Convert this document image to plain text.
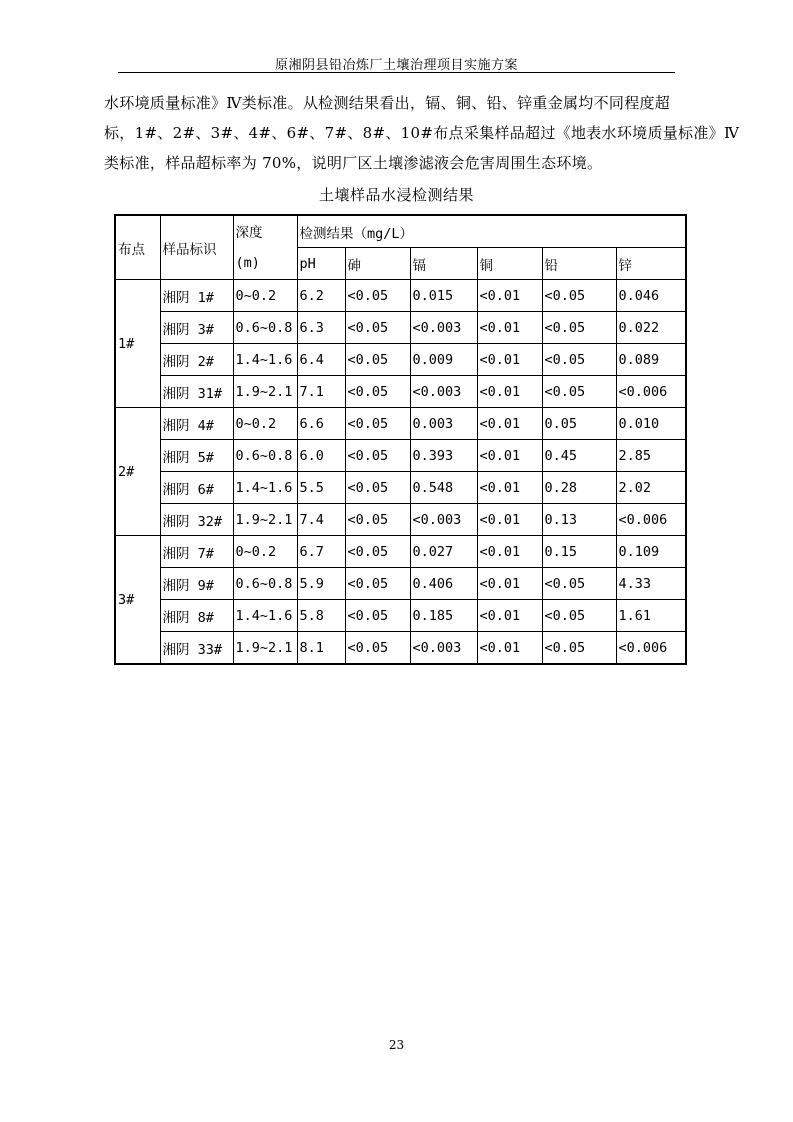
原湘阴县铅冶炼厂土壤治理项目实施方案

水环境质量标准》Ⅳ类标准。从检测结果看出，镉、铜、铅、锌重金属均不同程度超

标，1#、2#、3#、4#、6#、7#、8#、10#布点采集样品超过《地表水环境质量标准》Ⅳ

类标准，样品超标率为 70%，说明厂区土壤渗滤液会危害周围生态环境。

土壤样品水浸检测结果
布点	样品标识	深度
(m)	检测结果（mg/L）					
			pH	砷	镉	铜	铅	锌
1#	湘阴 1#	0~0.2	6.2	<0.05	0.015	<0.01	<0.05	0.046
	湘阴 3#	0.6~0.8	6.3	<0.05	<0.003	<0.01	<0.05	0.022
	湘阴 2#	1.4~1.6	6.4	<0.05	0.009	<0.01	<0.05	0.089
	湘阴 31#	1.9~2.1	7.1	<0.05	<0.003	<0.01	<0.05	<0.006
2#	湘阴 4#	0~0.2	6.6	<0.05	0.003	<0.01	0.05	0.010
	湘阴 5#	0.6~0.8	6.0	<0.05	0.393	<0.01	0.45	2.85
	湘阴 6#	1.4~1.6	5.5	<0.05	0.548	<0.01	0.28	2.02
	湘阴 32#	1.9~2.1	7.4	<0.05	<0.003	<0.01	0.13	<0.006
3#	湘阴 7#	0~0.2	6.7	<0.05	0.027	<0.01	0.15	0.109
	湘阴 9#	0.6~0.8	5.9	<0.05	0.406	<0.01	<0.05	4.33
	湘阴 8#	1.4~1.6	5.8	<0.05	0.185	<0.01	<0.05	1.61
	湘阴 33#	1.9~2.1	8.1	<0.05	<0.003	<0.01	<0.05	<0.006
23
